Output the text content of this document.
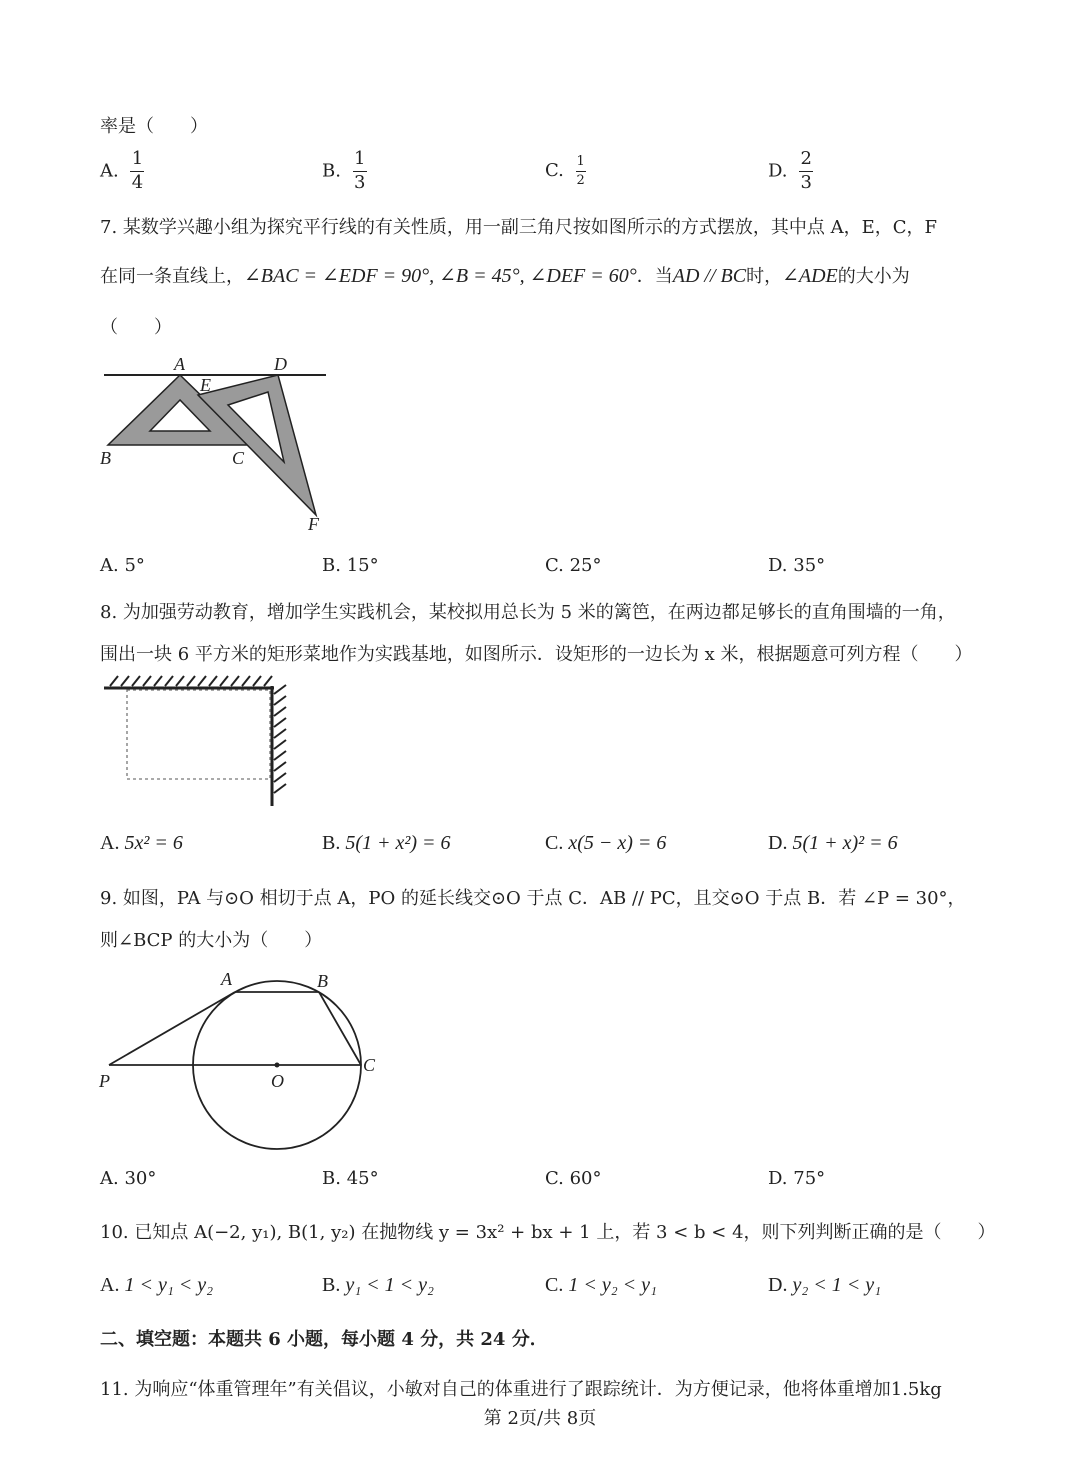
率是（　　）
A. $\frac{1}{4}$	B. $\frac{1}{3}$	C. $\frac{1}{2}$	D. $\frac{2}{3}$
7. 某数学兴趣小组为探究平行线的有关性质，用一副三角尺按如图所示的方式摆放，其中点 A，E，C，F
在同一条直线上，∠BAC = ∠EDF = 90°, ∠B = 45°, ∠DEF = 60°．当AD // BC时，∠ADE的大小为
（　　）
A	D
E
B	C
F
A. 5°	B. 15°	C. 25°	D. 35°
8. 为加强劳动教育，增加学生实践机会，某校拟用总长为 5 米的篱笆，在两边都足够长的直角围墙的一角，
围出一块 6 平方米的矩形菜地作为实践基地，如图所示．设矩形的一边长为 x 米，根据题意可列方程（　　）
A. 5x² = 6	B. 5(1 + x²) = 6	C. x(5 − x) = 6	D. 5(1 + x)² = 6
9. 如图，PA 与⊙O 相切于点 A，PO 的延长线交⊙O 于点 C．AB // PC，且交⊙O 于点 B．若 ∠P = 30°，
则∠BCP 的大小为（　　）
A	B
P	O
C
A. 30°	B. 45°	C. 60°	D. 75°
10. 已知点 A(−2, y₁), B(1, y₂) 在抛物线 y = 3x² + bx + 1 上，若 3 < b < 4，则下列判断正确的是（　　）
A. 1 < y₁ < y₂	B. y₁ < 1 < y₂	C. 1 < y₂ < y₁	D. y₂ < 1 < y₁
二、填空题：本题共 6 小题，每小题 4 分，共 24 分．
11. 为响应“体重管理年”有关倡议，小敏对自己的体重进行了跟踪统计．为方便记录，他将体重增加1.5kg
第 2页/共 8页
